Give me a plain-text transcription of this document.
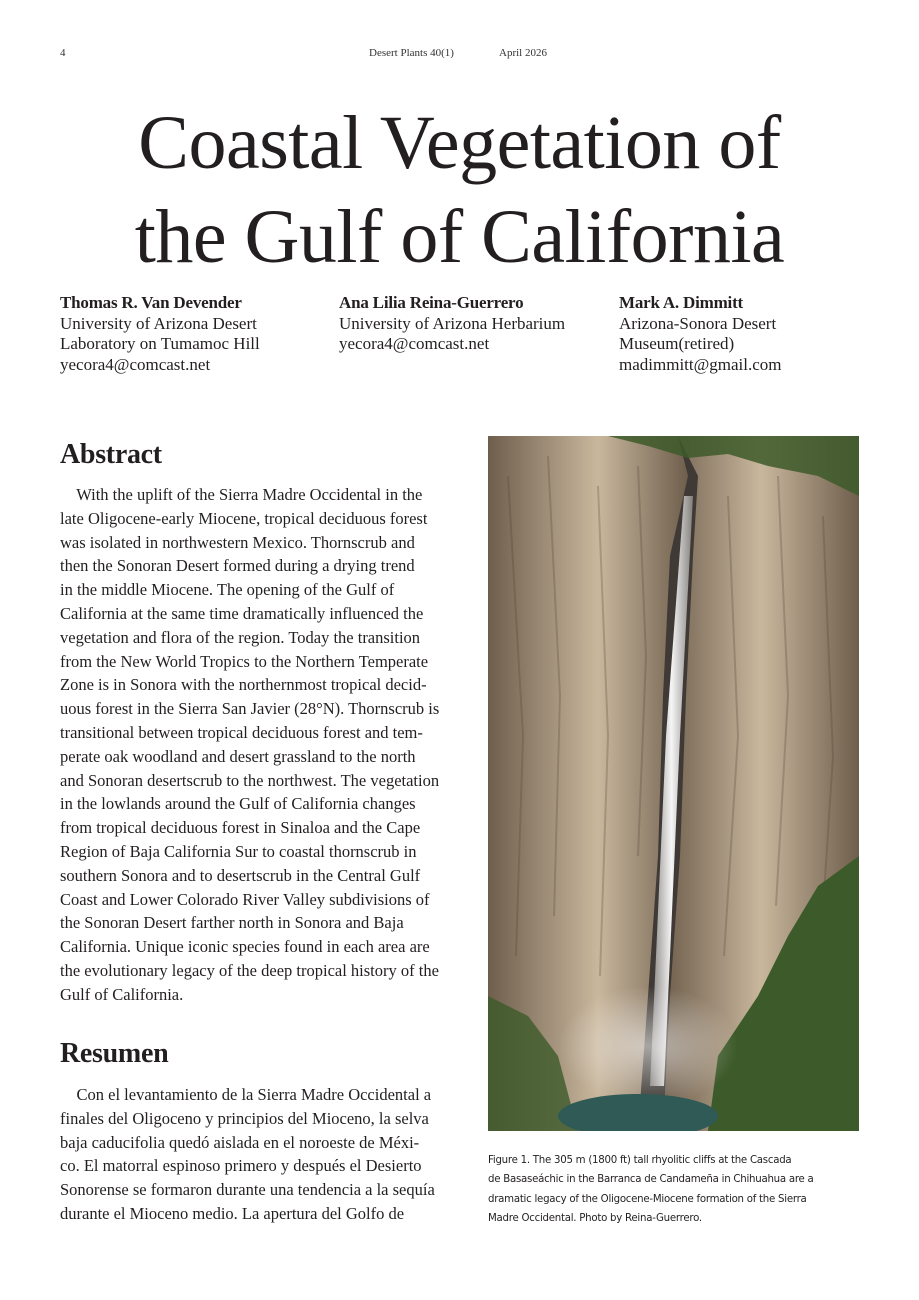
4	Desert Plants 40(1)	April 2026
Coastal Vegetation of
the Gulf of California
Thomas R. Van Devender
University of Arizona Desert
Laboratory on Tumamoc Hill
yecora4@comcast.net
Ana Lilia Reina-Guerrero
University of Arizona Herbarium
yecora4@comcast.net
Mark A. Dimmitt
Arizona-Sonora Desert
Museum(retired)
madimmitt@gmail.com
Abstract
With the uplift of the Sierra Madre Occidental in the
late Oligocene-early Miocene, tropical deciduous forest
was isolated in northwestern Mexico. Thornscrub and
then the Sonoran Desert formed during a drying trend
in the middle Miocene. The opening of the Gulf of
California at the same time dramatically influenced the
vegetation and flora of the region. Today the transition
from the New World Tropics to the Northern Temperate
Zone is in Sonora with the northernmost tropical decid-
uous forest in the Sierra San Javier (28°N). Thornscrub is
transitional between tropical deciduous forest and tem-
perate oak woodland and desert grassland to the north
and Sonoran desertscrub to the northwest. The vegetation
in the lowlands around the Gulf of California changes
from tropical deciduous forest in Sinaloa and the Cape
Region of Baja California Sur to coastal thornscrub in
southern Sonora and to desertscrub in the Central Gulf
Coast and Lower Colorado River Valley subdivisions of
the Sonoran Desert farther north in Sonora and Baja
California. Unique iconic species found in each area are
the evolutionary legacy of the deep tropical history of the
Gulf of California.
Resumen
Con el levantamiento de la Sierra Madre Occidental a
finales del Oligoceno y principios del Mioceno, la selva
baja caducifolia quedó aislada en el noroeste de Méxi-
co. El matorral espinoso primero y después el Desierto
Sonorense se formaron durante una tendencia a la sequía
durante el Mioceno medio. La apertura del Golfo de
Figure 1. The 305 m (1800 ft) tall rhyolitic cliffs at the Cascada
de Basaseáchic in the Barranca de Candameña in Chihuahua are a
dramatic legacy of the Oligocene-Miocene formation of the Sierra
Madre Occidental. Photo by Reina-Guerrero.
